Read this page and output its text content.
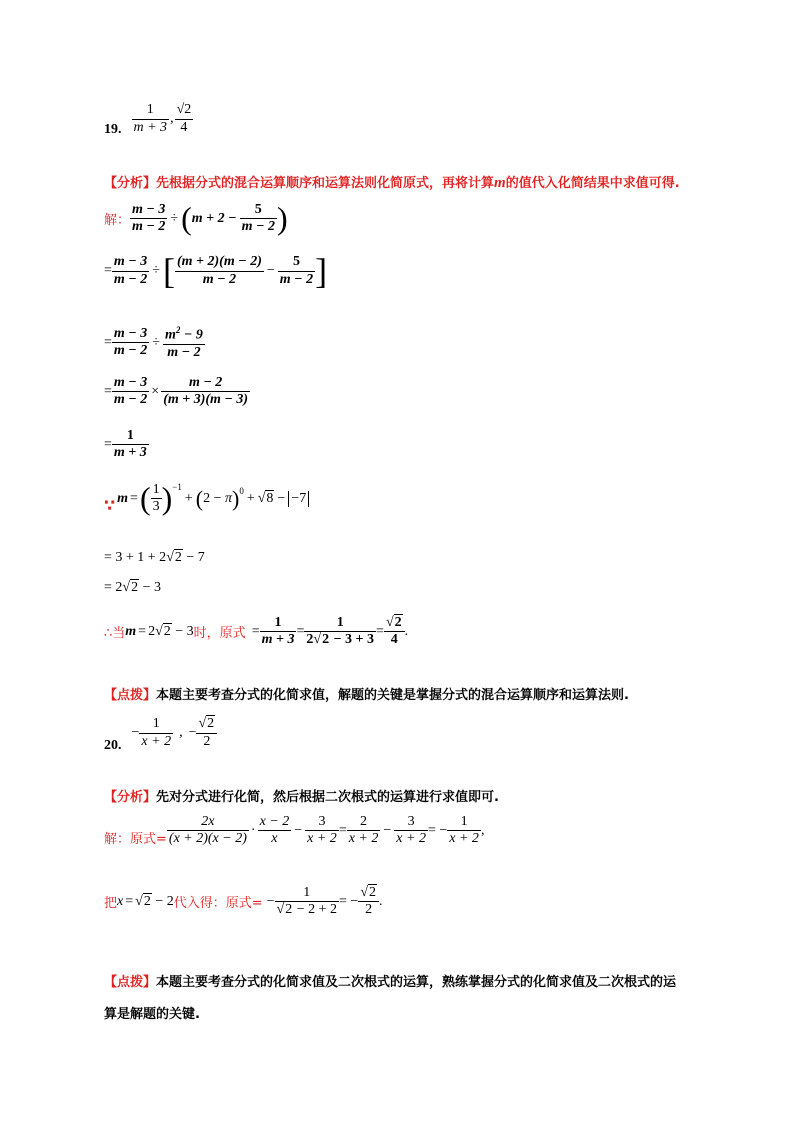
19. $\frac{1}{m + 3}$ , $\frac{√2}{4}$
【分析】先根据分式的混合运算顺序和运算法则化简原式，再将计算m的值代入化简结果中求值可得.
解： $\frac{m - 3}{m - 2}$ ÷ ( $m + 2 - \frac{5}{m - 2}$ )
= $\frac{m - 3}{m - 2}$ ÷ [ $\frac{(m + 2)(m - 2)}{m - 2} - \frac{5}{m - 2}$ ]
= $\frac{m - 3}{m - 2} \div \frac{m^2 - 9}{m - 2}$
= $\frac{m - 3}{m - 2} \times \frac{m - 2}{(m + 3)(m - 3)}$
= $\frac{1}{m + 3}$
∵ m = ( $\frac{1}{3}$ ) −1
+ ( 2 − π ) 0 + √8 − −7
= 3 + 1 + 2√2 − 7
= 2√2 − 3
∴当 m = 2√2 − 3 时，原式 = $\frac{1}{m + 3} = \frac{1}{2√2 - 3 + 3} = \frac{√2}{4}$ .
【点拨】本题主要考查分式的化简求值，解题的关键是掌握分式的混合运算顺序和运算法则.
20.
− $\frac{1}{x + 2}$ , − $\frac{√2}{2}$
【分析】先对分式进行化简，然后根据二次根式的运算进行求值即可.
解：原式= $\frac{2x}{(x + 2)(x - 2)} \cdot \frac{x - 2}{x} - \frac{3}{x + 2} = \frac{2}{x + 2} - \frac{3}{x + 2}$ = − $\frac{1}{x + 2}$ ,
把 x = √2 − 2 代入得：原式= − $\frac{1}{√2 - 2 + 2}$ = − $\frac{√2}{2}$ .
【点拨】本题主要考查分式的化简求值及二次根式的运算，熟练掌握分式的化简求值及二次根式的运
算是解题的关键.
